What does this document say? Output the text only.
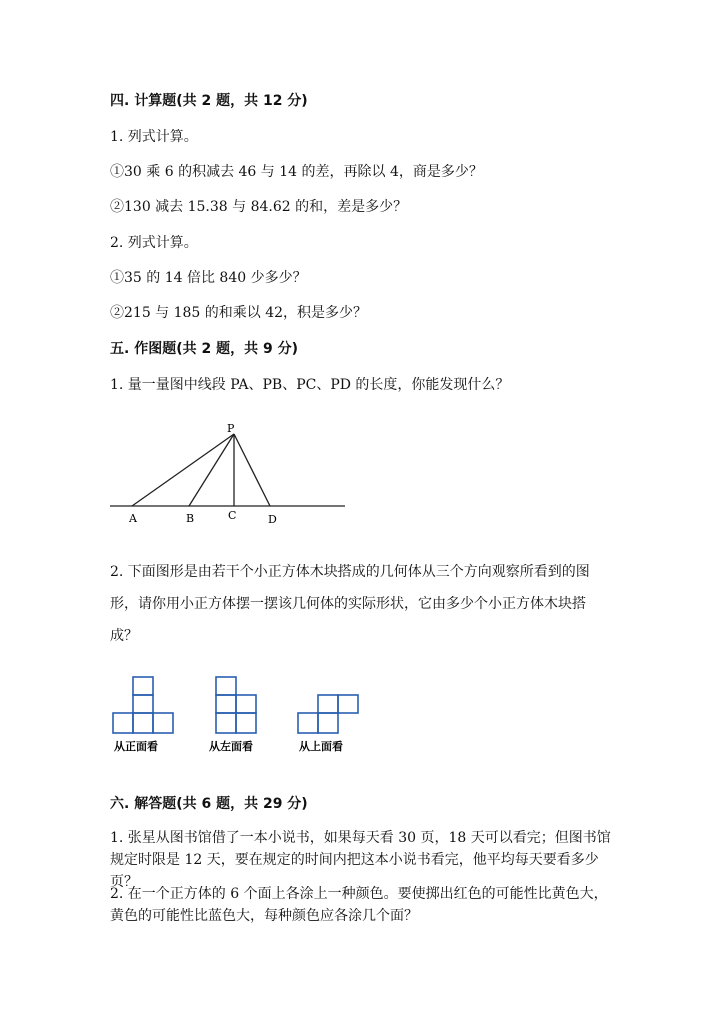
四. 计算题(共 2 题，共 12 分)
1. 列式计算。
①30 乘 6 的积减去 46 与 14 的差，再除以 4，商是多少？
②130 减去 15.38 与 84.62 的和，差是多少？
2. 列式计算。
①35 的 14 倍比 840 少多少？
②215 与 185 的和乘以 42，积是多少？
五. 作图题(共 2 题，共 9 分)
1. 量一量图中线段 PA、PB、PC、PD 的长度，你能发现什么？
P
A	B	C	D
2. 下面图形是由若干个小正方体木块搭成的几何体从三个方向观察所看到的图形，请你用小正方体摆一摆该几何体的实际形状，它由多少个小正方体木块搭成？
从正面看	从左面看	从上面看
六. 解答题(共 6 题，共 29 分)
1. 张星从图书馆借了一本小说书，如果每天看 30 页，18 天可以看完；但图书馆规定时限是 12 天，要在规定的时间内把这本小说书看完，他平均每天要看多少页？
2. 在一个正方体的 6 个面上各涂上一种颜色。要使掷出红色的可能性比黄色大，黄色的可能性比蓝色大，每种颜色应各涂几个面？
